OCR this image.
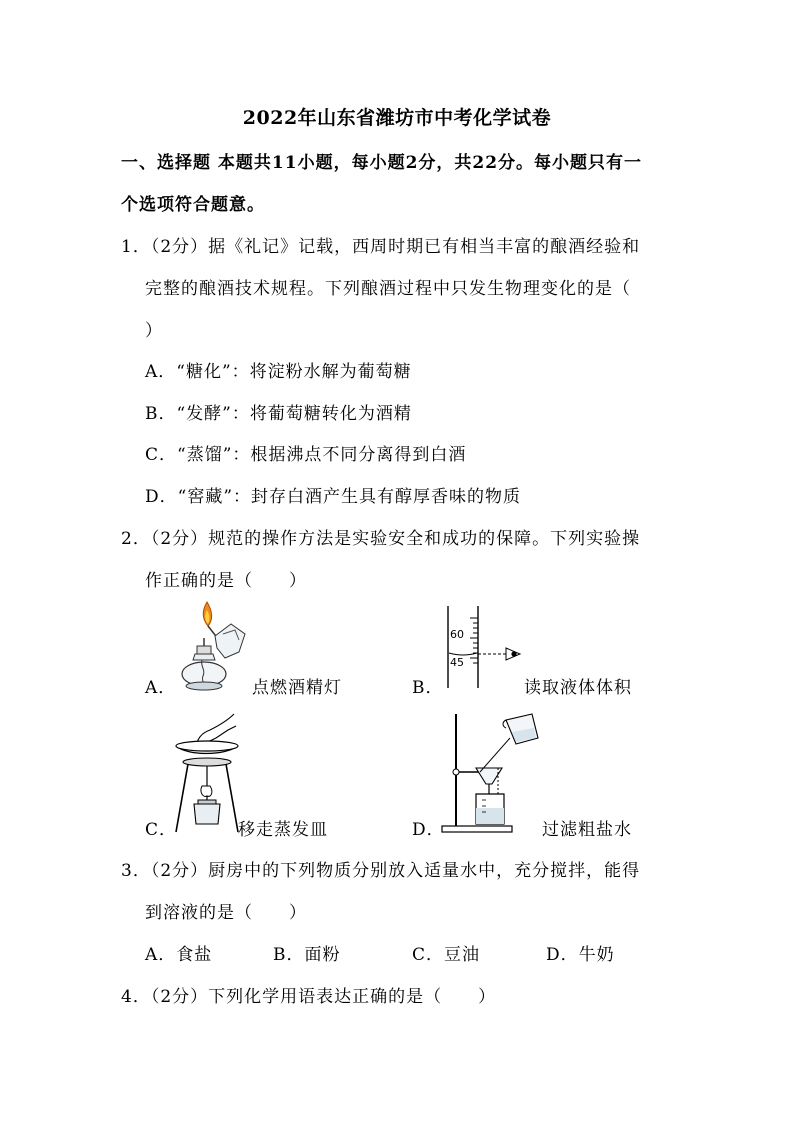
2022年山东省潍坊市中考化学试卷
一、选择题 本题共11小题，每小题2分，共22分。每小题只有一
个选项符合题意。
1．（2分）据《礼记》记载，西周时期已有相当丰富的酿酒经验和
完整的酿酒技术规程。下列酿酒过程中只发生物理变化的是（
）
A．“糖化”：将淀粉水解为葡萄糖
B．“发酵”：将葡萄糖转化为酒精
C．“蒸馏”：根据沸点不同分离得到白酒
D．“窖藏”：封存白酒产生具有醇厚香味的物质
2．（2分）规范的操作方法是实验安全和成功的保障。下列实验操
作正确的是（　　）
A．	点燃酒精灯
60
45
B．	读取液体体积
C．	移走蒸发皿	D．	过滤粗盐水
3．（2分）厨房中的下列物质分别放入适量水中，充分搅拌，能得
到溶液的是（　　）
A．食盐	B．面粉	C．豆油	D．牛奶
4．（2分）下列化学用语表达正确的是（　　）
